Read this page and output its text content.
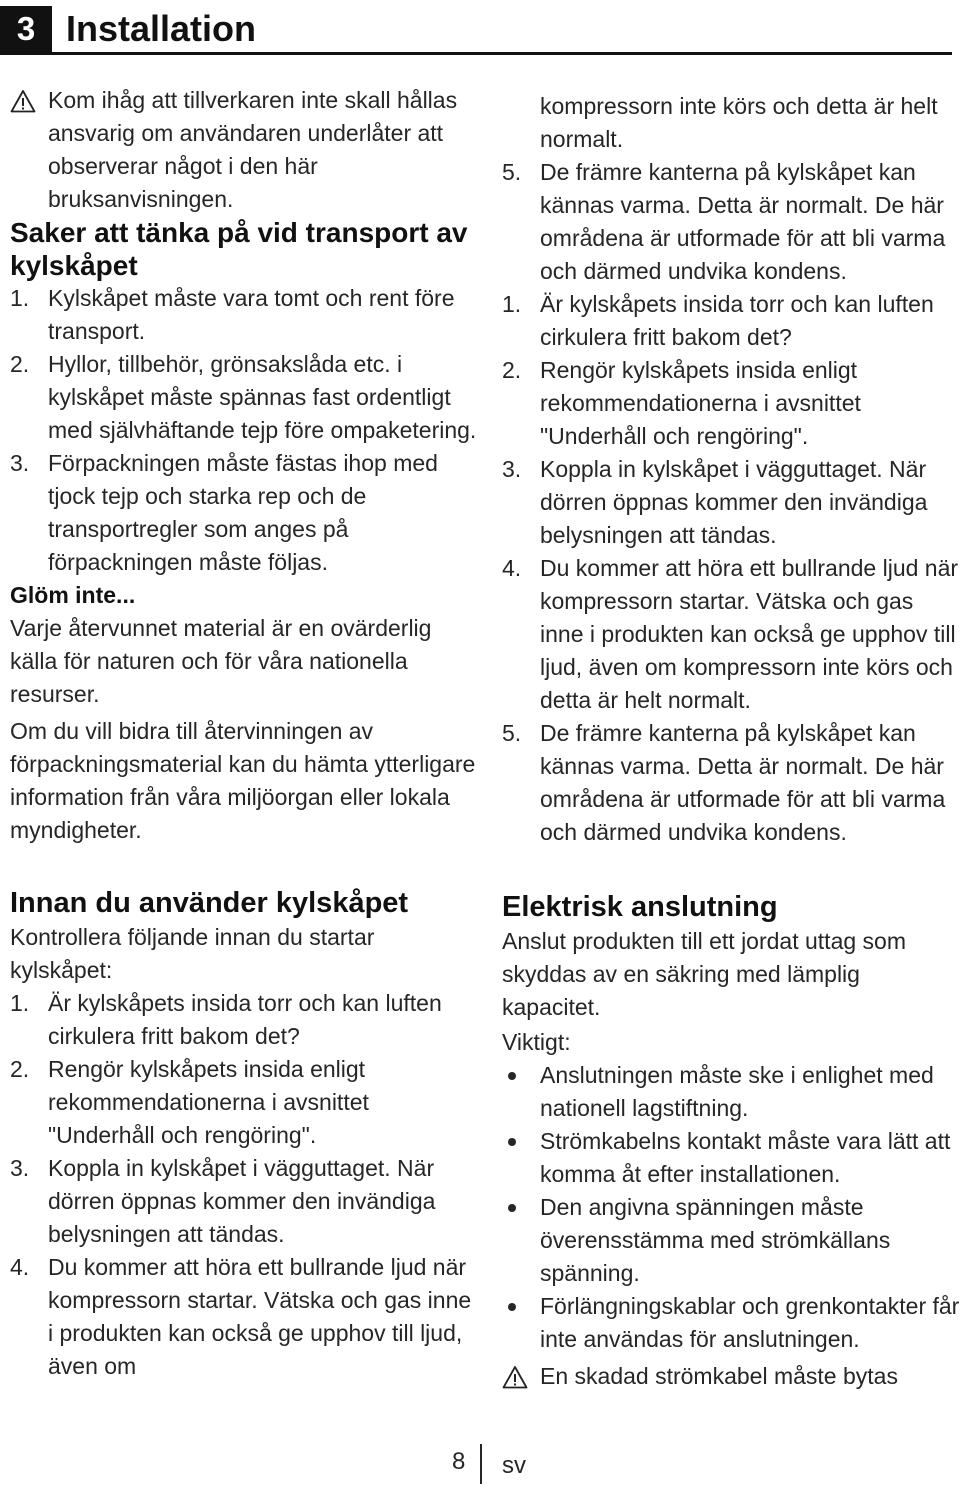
3 Installation
Kom ihåg att tillverkaren inte skall hållas ansvarig om användaren underlåter att observerar något i den här bruksanvisningen.

Saker att tänka på vid transport av kylskåpet

1. Kylskåpet måste vara tomt och rent före transport.
2. Hyllor, tillbehör, grönsakslåda etc. i kylskåpet måste spännas fast ordentligt med självhäftande tejp före ompaketering.
3. Förpackningen måste fästas ihop med tjock tejp och starka rep och de transportregler som anges på förpackningen måste följas.

Glöm inte...

Varje återvunnet material är en ovärderlig källa för naturen och för våra nationella resurser.

Om du vill bidra till återvinningen av förpackningsmaterial kan du hämta ytterligare information från våra miljöorgan eller lokala myndigheter.

Innan du använder kylskåpet

Kontrollera följande innan du startar kylskåpet:

1. Är kylskåpets insida torr och kan luften cirkulera fritt bakom det?
2. Rengör kylskåpets insida enligt rekommendationerna i avsnittet "Underhåll och rengöring".
3. Koppla in kylskåpet i vägguttaget. När dörren öppnas kommer den invändiga belysningen att tändas.
4. Du kommer att höra ett bullrande ljud när kompressorn startar. Vätska och gas inne i produkten kan också ge upphov till ljud, även om

kompressorn inte körs och detta är helt normalt.

5. De främre kanterna på kylskåpet kan kännas varma. Detta är normalt. De här områdena är utformade för att bli varma och därmed undvika kondens.
1. Är kylskåpets insida torr och kan luften cirkulera fritt bakom det?
2. Rengör kylskåpets insida enligt rekommendationerna i avsnittet "Underhåll och rengöring".
3. Koppla in kylskåpet i vägguttaget. När dörren öppnas kommer den invändiga belysningen att tändas.
4. Du kommer att höra ett bullrande ljud när kompressorn startar. Vätska och gas inne i produkten kan också ge upphov till ljud, även om kompressorn inte körs och detta är helt normalt.
5. De främre kanterna på kylskåpet kan kännas varma. Detta är normalt. De här områdena är utformade för att bli varma och därmed undvika kondens.

Elektrisk anslutning

Anslut produkten till ett jordat uttag som skyddas av en säkring med lämplig kapacitet.

Viktigt:

Anslutningen måste ske i enlighet med nationell lagstiftning.
Strömkabelns kontakt måste vara lätt att komma åt efter installationen.
Den angivna spänningen måste överensstämma med strömkällans spänning.
Förlängningskablar och grenkontakter får inte användas för anslutningen.
En skadad strömkabel måste bytas
8 sv
